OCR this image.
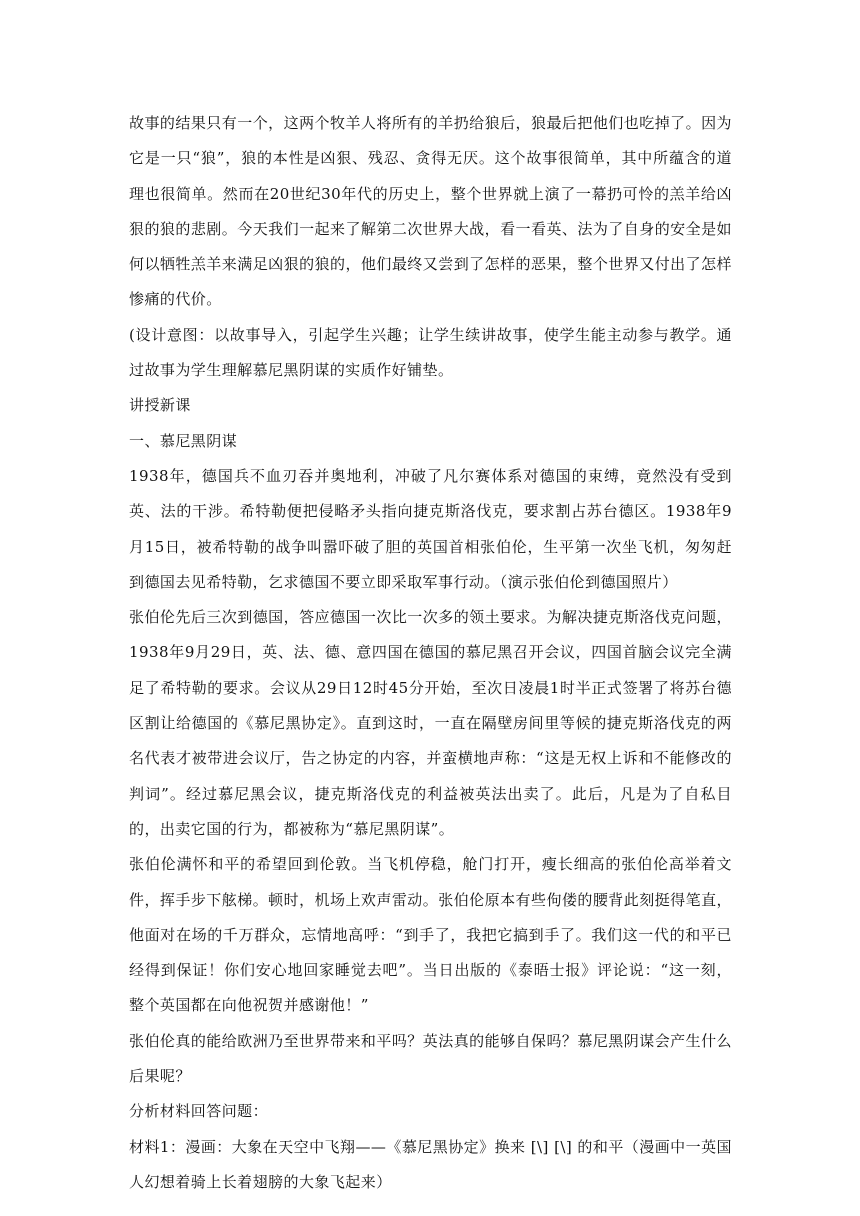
故事的结果只有一个，这两个牧羊人将所有的羊扔给狼后，狼最后把他们也吃掉了。因为它是一只“狼”，狼的本性是凶狠、残忍、贪得无厌。这个故事很简单，其中所蕴含的道理也很简单。然而在20世纪30年代的历史上，整个世界就上演了一幕扔可怜的羔羊给凶狠的狼的悲剧。今天我们一起来了解第二次世界大战，看一看英、法为了自身的安全是如何以牺牲羔羊来满足凶狠的狼的，他们最终又尝到了怎样的恶果，整个世界又付出了怎样惨痛的代价。

(设计意图：以故事导入，引起学生兴趣；让学生续讲故事，使学生能主动参与教学。通过故事为学生理解慕尼黑阴谋的实质作好铺垫。

讲授新课

一、慕尼黑阴谋

1938年，德国兵不血刃吞并奥地利，冲破了凡尔赛体系对德国的束缚，竟然没有受到英、法的干涉。希特勒便把侵略矛头指向捷克斯洛伐克，要求割占苏台德区。1938年9月15日，被希特勒的战争叫嚣吓破了胆的英国首相张伯伦，生平第一次坐飞机，匆匆赶到德国去见希特勒，乞求德国不要立即采取军事行动。（演示张伯伦到德国照片）

张伯伦先后三次到德国，答应德国一次比一次多的领土要求。为解决捷克斯洛伐克问题，1938年9月29日，英、法、德、意四国在德国的慕尼黑召开会议，四国首脑会议完全满足了希特勒的要求。会议从29日12时45分开始，至次日凌晨1时半正式签署了将苏台德区割让给德国的《慕尼黑协定》。直到这时，一直在隔壁房间里等候的捷克斯洛伐克的两名代表才被带进会议厅，告之协定的内容，并蛮横地声称：“这是无权上诉和不能修改的判词”。经过慕尼黑会议，捷克斯洛伐克的利益被英法出卖了。此后，凡是为了自私目的，出卖它国的行为，都被称为“慕尼黑阴谋”。

张伯伦满怀和平的希望回到伦敦。当飞机停稳，舱门打开，瘦长细高的张伯伦高举着文件，挥手步下舷梯。顿时，机场上欢声雷动。张伯伦原本有些佝偻的腰背此刻挺得笔直，他面对在场的千万群众，忘情地高呼：“到手了，我把它搞到手了。我们这一代的和平已经得到保证！你们安心地回家睡觉去吧”。当日出版的《泰晤士报》评论说：“这一刻，整个英国都在向他祝贺并感谢他！”

张伯伦真的能给欧洲乃至世界带来和平吗？英法真的能够自保吗？慕尼黑阴谋会产生什么后果呢？

分析材料回答问题：

材料1：漫画：大象在天空中飞翔——《慕尼黑协定》换来 [\] [\] 的和平（漫画中一英国人幻想着骑上长着翅膀的大象飞起来）
